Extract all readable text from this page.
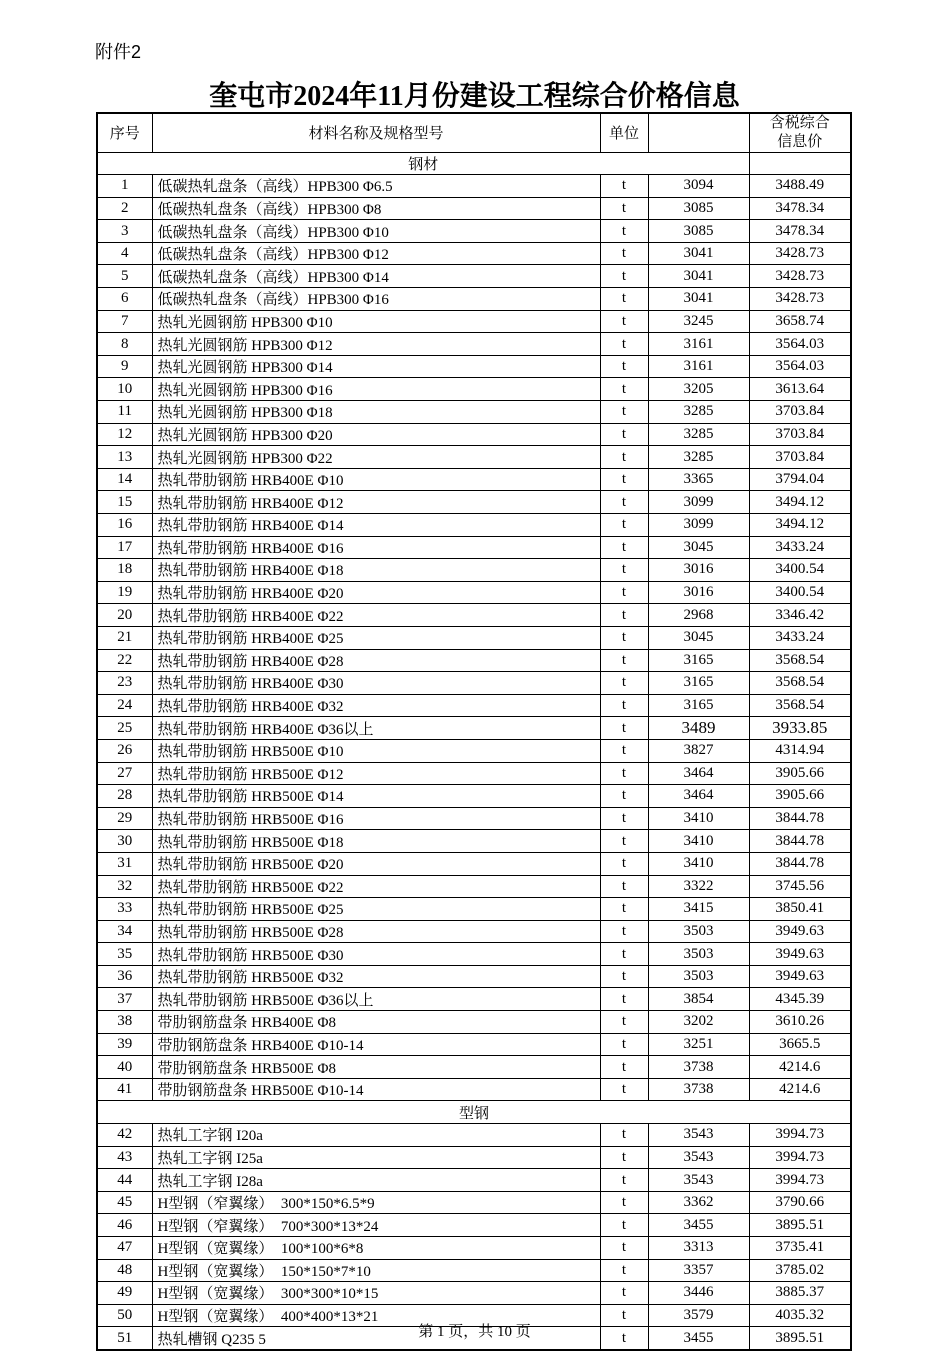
附件2
奎屯市2024年11月份建设工程综合价格信息
序号	材料名称及规格型号	单位		含税综合信息价

钢材				
1	低碳热轧盘条（高线）HPB300 Φ6.5	t	3094	3488.49
2	低碳热轧盘条（高线）HPB300 Φ8	t	3085	3478.34
3	低碳热轧盘条（高线）HPB300 Φ10	t	3085	3478.34
4	低碳热轧盘条（高线）HPB300 Φ12	t	3041	3428.73
5	低碳热轧盘条（高线）HPB300 Φ14	t	3041	3428.73
6	低碳热轧盘条（高线）HPB300 Φ16	t	3041	3428.73
7	热轧光圆钢筋 HPB300 Φ10	t	3245	3658.74
8	热轧光圆钢筋 HPB300 Φ12	t	3161	3564.03
9	热轧光圆钢筋 HPB300 Φ14	t	3161	3564.03
10	热轧光圆钢筋 HPB300 Φ16	t	3205	3613.64
11	热轧光圆钢筋 HPB300 Φ18	t	3285	3703.84
12	热轧光圆钢筋 HPB300 Φ20	t	3285	3703.84
13	热轧光圆钢筋 HPB300 Φ22	t	3285	3703.84
14	热轧带肋钢筋 HRB400E Φ10	t	3365	3794.04
15	热轧带肋钢筋 HRB400E Φ12	t	3099	3494.12
16	热轧带肋钢筋 HRB400E Φ14	t	3099	3494.12
17	热轧带肋钢筋 HRB400E Φ16	t	3045	3433.24
18	热轧带肋钢筋 HRB400E Φ18	t	3016	3400.54
19	热轧带肋钢筋 HRB400E Φ20	t	3016	3400.54
20	热轧带肋钢筋 HRB400E Φ22	t	2968	3346.42
21	热轧带肋钢筋 HRB400E Φ25	t	3045	3433.24
22	热轧带肋钢筋 HRB400E Φ28	t	3165	3568.54
23	热轧带肋钢筋 HRB400E Φ30	t	3165	3568.54
24	热轧带肋钢筋 HRB400E Φ32	t	3165	3568.54
25	热轧带肋钢筋 HRB400E Φ36以上	t	3489	3933.85
26	热轧带肋钢筋 HRB500E Φ10	t	3827	4314.94
27	热轧带肋钢筋 HRB500E Φ12	t	3464	3905.66
28	热轧带肋钢筋 HRB500E Φ14	t	3464	3905.66
29	热轧带肋钢筋 HRB500E Φ16	t	3410	3844.78
30	热轧带肋钢筋 HRB500E Φ18	t	3410	3844.78
31	热轧带肋钢筋 HRB500E Φ20	t	3410	3844.78
32	热轧带肋钢筋 HRB500E Φ22	t	3322	3745.56
33	热轧带肋钢筋 HRB500E Φ25	t	3415	3850.41
34	热轧带肋钢筋 HRB500E Φ28	t	3503	3949.63
35	热轧带肋钢筋 HRB500E Φ30	t	3503	3949.63
36	热轧带肋钢筋 HRB500E Φ32	t	3503	3949.63
37	热轧带肋钢筋 HRB500E Φ36以上	t	3854	4345.39
38	带肋钢筋盘条 HRB400E Φ8	t	3202	3610.26
39	带肋钢筋盘条 HRB400E Φ10-14	t	3251	3665.5
40	带肋钢筋盘条 HRB500E Φ8	t	3738	4214.6
41	带肋钢筋盘条 HRB500E Φ10-14	t	3738	4214.6
型钢				
42	热轧工字钢 I20a	t	3543	3994.73
43	热轧工字钢 I25a	t	3543	3994.73
44	热轧工字钢 I28a	t	3543	3994.73
45	H型钢（窄翼缘）　300*150*6.5*9	t	3362	3790.66
46	H型钢（窄翼缘）　700*300*13*24	t	3455	3895.51
47	H型钢（宽翼缘）　100*100*6*8	t	3313	3735.41
48	H型钢（宽翼缘）　150*150*7*10	t	3357	3785.02
49	H型钢（宽翼缘）　300*300*10*15	t	3446	3885.37
50	H型钢（宽翼缘）　400*400*13*21	t	3579	4035.32
51	热轧槽钢 Q235 5	t	3455	3895.51
第 1 页，共 10 页
